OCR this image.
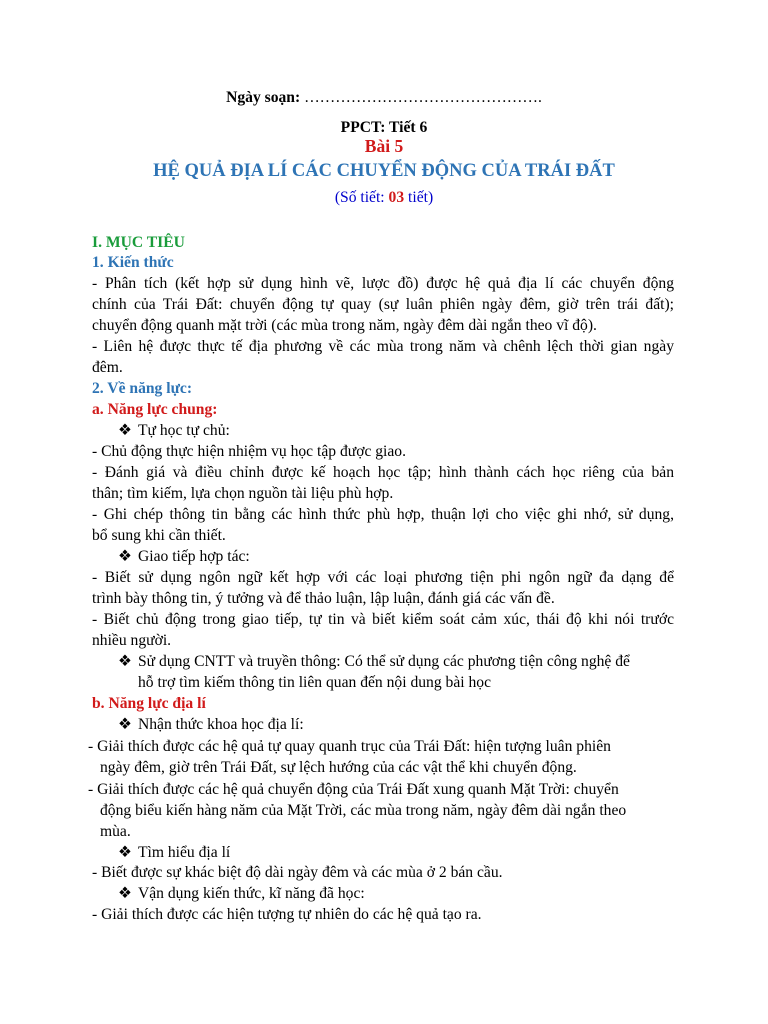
Ngày soạn: ……………………………………….

PPCT: Tiết 6

Bài 5

HỆ QUẢ ĐỊA LÍ CÁC CHUYỂN ĐỘNG CỦA TRÁI ĐẤT

(Số tiết: 03 tiết)

I. MỤC TIÊU

1. Kiến thức

- Phân tích (kết hợp sử dụng hình vẽ, lược đồ) được hệ quả địa lí các chuyển động

chính của Trái Đất: chuyển động tự quay (sự luân phiên ngày đêm, giờ trên trái đất);

chuyển động quanh mặt trời (các mùa trong năm, ngày đêm dài ngắn theo vĩ độ).

- Liên hệ được thực tế địa phương về các mùa trong năm và chênh lệch thời gian ngày

đêm.

2. Về năng lực:

a. Năng lực chung:

❖ Tự học tự chủ:

- Chủ động thực hiện nhiệm vụ học tập được giao.

- Đánh giá và điều chỉnh được kế hoạch học tập; hình thành cách học riêng của bản

thân; tìm kiếm, lựa chọn nguồn tài liệu phù hợp.

- Ghi chép thông tin bằng các hình thức phù hợp, thuận lợi cho việc ghi nhớ, sử dụng,

bổ sung khi cần thiết.

❖ Giao tiếp hợp tác:

- Biết sử dụng ngôn ngữ kết hợp với các loại phương tiện phi ngôn ngữ đa dạng để

trình bày thông tin, ý tưởng và để thảo luận, lập luận, đánh giá các vấn đề.

- Biết chủ động trong giao tiếp, tự tin và biết kiểm soát cảm xúc, thái độ khi nói trước

nhiều người.

❖ Sử dụng CNTT và truyền thông: Có thể sử dụng các phương tiện công nghệ để

hỗ trợ tìm kiếm thông tin liên quan đến nội dung bài học

b. Năng lực địa lí

❖ Nhận thức khoa học địa lí:

- Giải thích được các hệ quả tự quay quanh trục của Trái Đất: hiện tượng luân phiên

ngày đêm, giờ trên Trái Đất, sự lệch hướng của các vật thể khi chuyển động.

- Giải thích được các hệ quả chuyển động của Trái Đất xung quanh Mặt Trời: chuyển

động biểu kiến hàng năm của Mặt Trời, các mùa trong năm, ngày đêm dài ngắn theo

mùa.

❖ Tìm hiểu địa lí

- Biết được sự khác biệt độ dài ngày đêm và các mùa ở 2 bán cầu.

❖ Vận dụng kiến thức, kĩ năng đã học:

- Giải thích được các hiện tượng tự nhiên do các hệ quả tạo ra.
